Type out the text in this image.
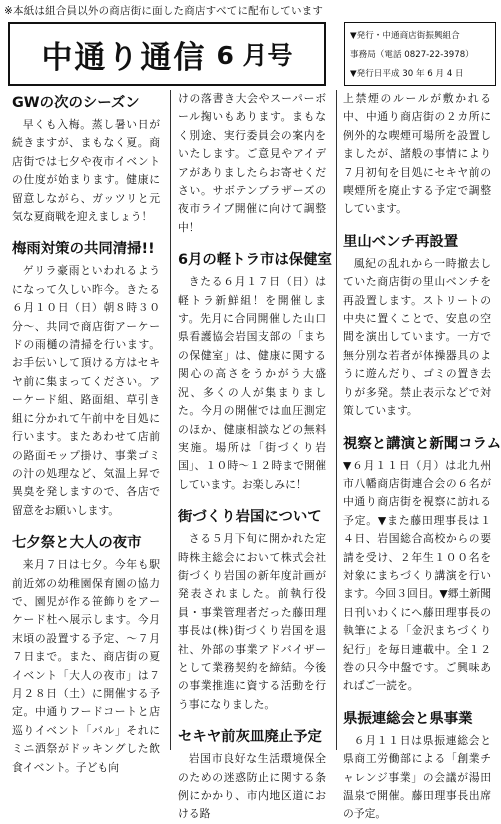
※本紙は組合員以外の商店街に面した商店すべてに配布しています
中通り通信 6 月号
▼発行・中通商店街振興組合
事務局（電話 0827-22-3978）
▼発行日平成 30 年 6 月 4 日
GWの次のシーズン

早くも入梅。蒸し暑い日が続きますが、まもなく夏。商店街では七夕や夜市イベントの仕度が始まります。健康に留意しながら、ガッツリと元気な夏商戦を迎えましょう！

梅雨対策の共同清掃!!

ゲリラ豪雨といわれるようになって久しい昨今。きたる６月１０日（日）朝８時３０分〜、共同で商店街アーケードの雨樋の清掃を行います。お手伝いして頂ける方はセキヤ前に集まってください。アーケード組、路面組、草引き組に分かれて午前中を目処に行います。またあわせて店前の路面モップ掛け、事業ゴミの汁の処理など、気温上昇で異臭を発しますので、各店で留意をお願いします。

七夕祭と大人の夜市

来月７日は七夕。今年も駅前近郊の幼稚園保育園の協力で、園児が作る笹飾りをアーケード杜へ展示します。今月末頃の設置する予定、〜７月７日まで。また、商店街の夏イベント「大人の夜市」は７月２８日（土）に開催する予定。中通りフードコートと店巡りイベント「バル」それにミニ酒祭がドッキングした飲食イベント。子ども向

けの落書き大会やスーパーボール掬いもあります。まもなく別途、実行委員会の案内をいたします。ご意見やアイデアがありましたらお寄せください。サボテンブラザーズの夜市ライブ開催に向けて調整中！

6月の軽トラ市は保健室

きたる６月１７日（日）は軽トラ新鮮組！を開催します。先月に合同開催した山口県看護協会岩国支部の「まちの保健室」は、健康に関する関心の高さをうかがう大盛況、多くの人が集まりました。今月の開催では血圧測定のほか、健康相談などの無料実施。場所は「街づくり岩国」、１０時〜１２時まで開催しています。お楽しみに！

街づくり岩国について

さる５月下旬に開かれた定時株主総会において株式会社街づくり岩国の新年度計画が発表されました。前執行役員・事業管理者だった藤田理事長は(株)街づくり岩国を退社、外部の事業アドバイザーとして業務契約を締結。今後の事業推進に資する活動を行う事になりました。

セキヤ前灰皿廃止予定

岩国市良好な生活環境保全のための迷惑防止に関する条例にかかり、市内地区道における路

上禁煙のルールが敷かれる中、中通り商店街の２カ所に例外的な喫煙可場所を設置しましたが、諸般の事情により７月初旬を目処にセキヤ前の喫煙所を廃止する予定で調整しています。

里山ベンチ再設置

風紀の乱れから一時撤去していた商店街の里山ベンチを再設置します。ストリートの中央に置くことで、安息の空間を演出しています。一方で無分別な若者が体操器具のように遊んだり、ゴミの置き去りが多発。禁止表示などで対策しています。

視察と講演と新聞コラム

▼６月１１日（月）は北九州市八幡商店街連合会の６名が中通り商店街を視察に訪れる予定。▼また藤田理事長は１４日、岩国総合高校からの要請を受け、２年生１００名を対象にまちづくり講演を行います。今回３回目。▼郷土新聞日刊いわくにへ藤田理事長の執筆による「金沢まちづくり紀行」を毎日連載中。全１２巻の只今中盤です。ご興味あればご一読を。

県振連総会と県事業

６月１１日は県振連総会と県商工労働部による「創業チャレンジ事業」の会議が湯田温泉で開催。藤田理事長出席の予定。
